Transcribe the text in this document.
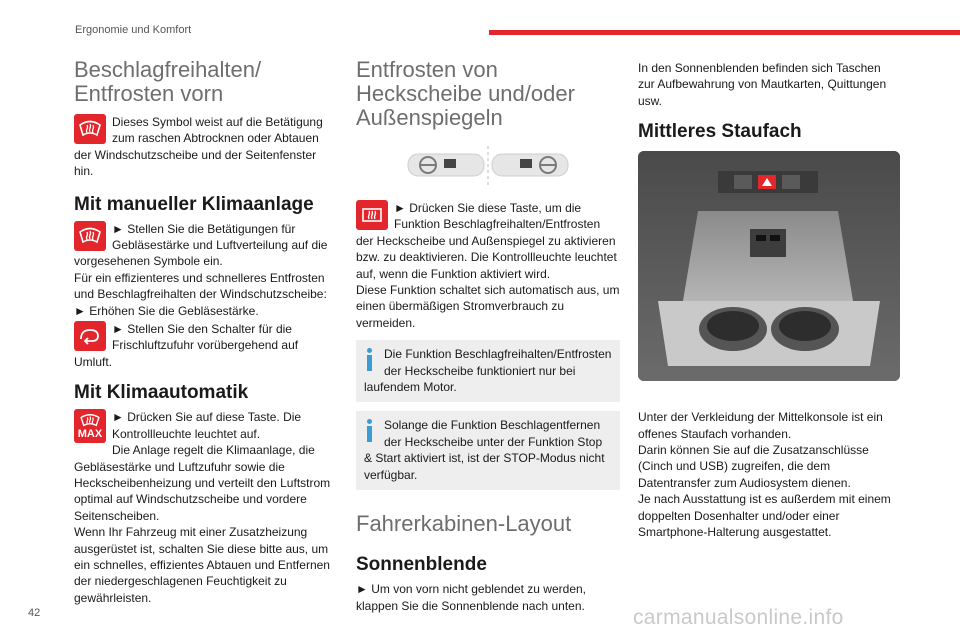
Ergonomie und Komfort
Beschlagfreihalten/ Entfrosten vorn

Dieses Symbol weist auf die Betätigung zum raschen Abtrocknen oder Abtauen der Windschutzscheibe und der Seitenfenster hin.

Mit manueller Klimaanlage

► Stellen Sie die Betätigungen für Gebläsestärke und Luftverteilung auf die vorgesehenen Symbole ein.

Für ein effizienteres und schnelleres Entfrosten und Beschlagfreihalten der Windschutzscheibe:

► Erhöhen Sie die Gebläsestärke.

► Stellen Sie den Schalter für die Frischluftzufuhr vorübergehend auf Umluft.

Mit Klimaautomatik
MAX

► Drücken Sie auf diese Taste. Die Kontrollleuchte leuchtet auf.

Die Anlage regelt die Klimaanlage, die Gebläsestärke und Luftzufuhr sowie die Heckscheibenheizung und verteilt den Luftstrom optimal auf Windschutzscheibe und vordere Seitenscheiben.

Wenn Ihr Fahrzeug mit einer Zusatzheizung ausgerüstet ist, schalten Sie diese bitte aus, um ein schnelles, effizientes Abtauen und Entfernen der niedergeschlagenen Feuchtigkeit zu gewährleisten.

Entfrosten von Heckscheibe und/oder Außenspiegeln

► Drücken Sie diese Taste, um die Funktion Beschlagfreihalten/Entfrosten der Heckscheibe und Außenspiegel zu aktivieren bzw. zu deaktivieren. Die Kontrollleuchte leuchtet auf, wenn die Funktion aktiviert wird.

Diese Funktion schaltet sich automatisch aus, um einen übermäßigen Stromverbrauch zu vermeiden.

Die Funktion Beschlagfreihalten/Entfrosten der Heckscheibe funktioniert nur bei laufendem Motor.

Solange die Funktion Beschlagentfernen der Heckscheibe unter der Funktion Stop & Start aktiviert ist, ist der STOP-Modus nicht verfügbar.

Fahrerkabinen-Layout
Sonnenblende

► Um von vorn nicht geblendet zu werden, klappen Sie die Sonnenblende nach unten.

In den Sonnenblenden befinden sich Taschen zur Aufbewahrung von Mautkarten, Quittungen usw.

Mittleres Staufach

Unter der Verkleidung der Mittelkonsole ist ein offenes Staufach vorhanden.

Darin können Sie auf die Zusatzanschlüsse (Cinch und USB) zugreifen, die dem Datentransfer zum Audiosystem dienen.

Je nach Ausstattung ist es außerdem mit einem doppelten Dosenhalter und/oder einer Smartphone-Halterung ausgestattet.

42	carmanualsonline.info
